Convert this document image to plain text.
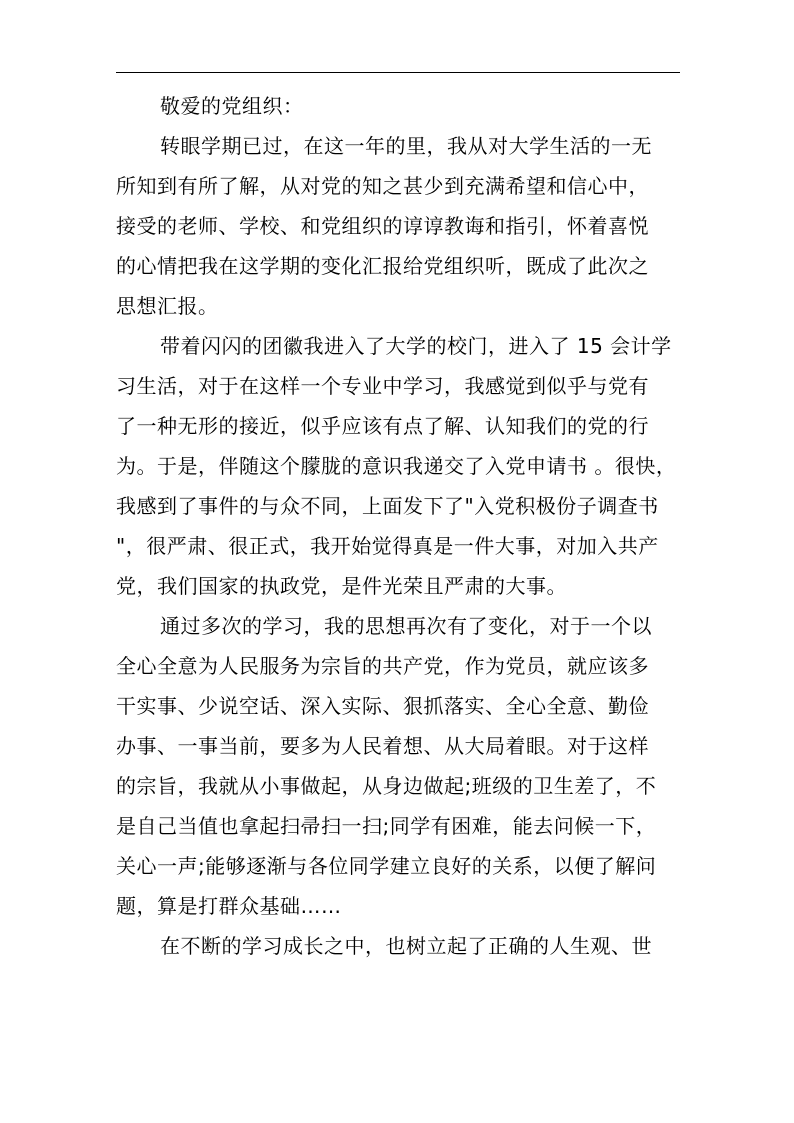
敬爱的党组织：

转眼学期已过，在这一年的里，我从对大学生活的一无
所知到有所了解，从对党的知之甚少到充满希望和信心中，
接受的老师、学校、和党组织的谆谆教诲和指引，怀着喜悦
的心情把我在这学期的变化汇报给党组织听，既成了此次之
思想汇报。

带着闪闪的团徽我进入了大学的校门，进入了 15 会计学
习生活，对于在这样一个专业中学习，我感觉到似乎与党有
了一种无形的接近，似乎应该有点了解、认知我们的党的行
为。于是，伴随这个朦胧的意识我递交了入党申请书 。很快，
我感到了事件的与众不同，上面发下了"入党积极份子调查书
"，很严肃、很正式，我开始觉得真是一件大事，对加入共产
党，我们国家的执政党，是件光荣且严肃的大事。

通过多次的学习，我的思想再次有了变化，对于一个以
全心全意为人民服务为宗旨的共产党，作为党员，就应该多
干实事、少说空话、深入实际、狠抓落实、全心全意、勤俭
办事、一事当前，要多为人民着想、从大局着眼。对于这样
的宗旨，我就从小事做起，从身边做起;班级的卫生差了，不
是自己当值也拿起扫帚扫一扫;同学有困难，能去问候一下，
关心一声;能够逐渐与各位同学建立良好的关系，以便了解问
题，算是打群众基础……

在不断的学习成长之中，也树立起了正确的人生观、世
